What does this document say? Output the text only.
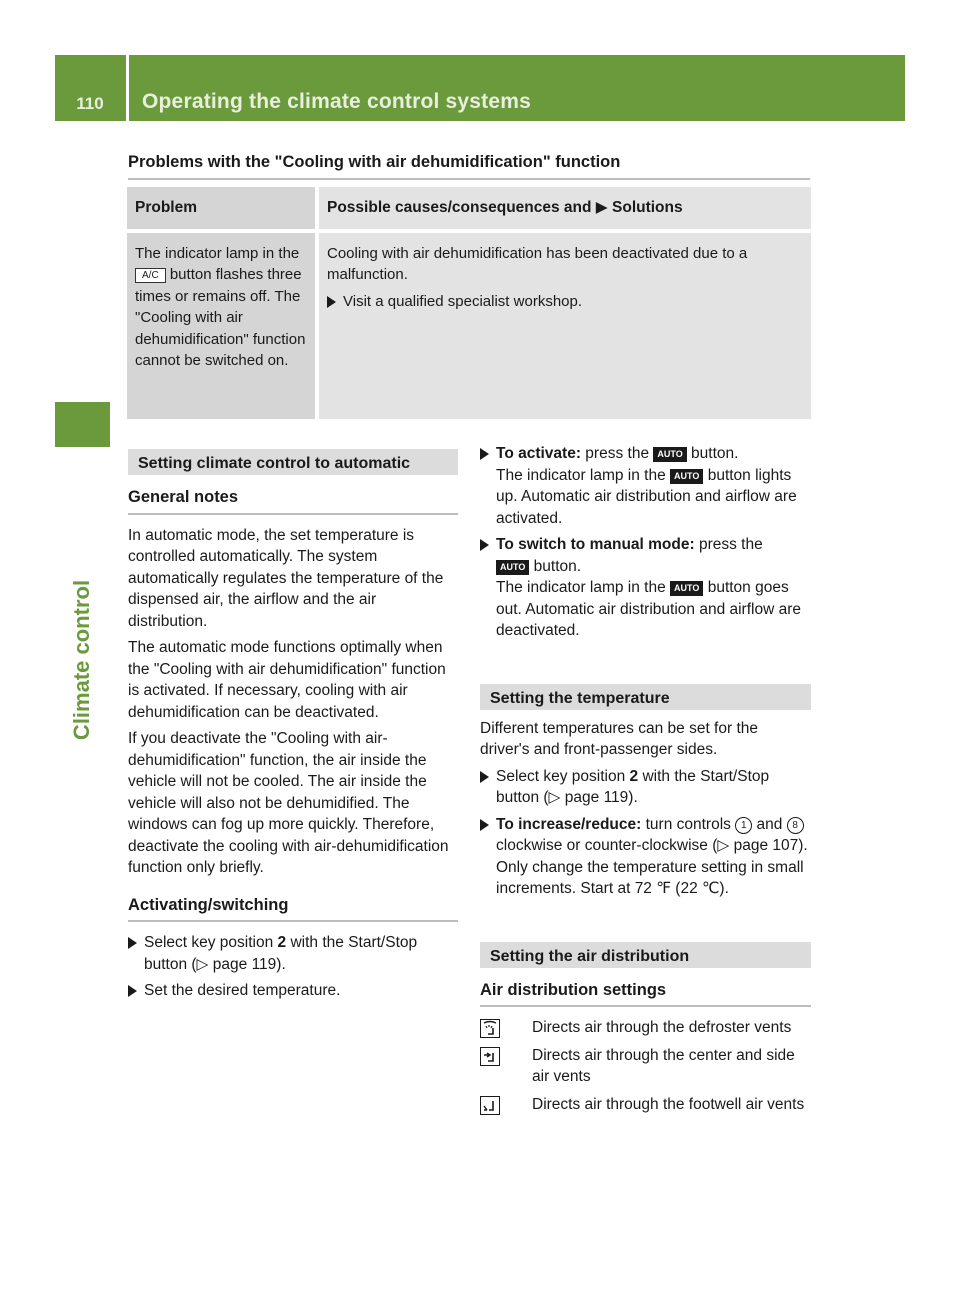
110	Operating the climate control systems
Climate control
Problems with the "Cooling with air dehumidification" function
Problem	Possible causes/consequences and ▶ Solutions
The indicator lamp in the A/C button flashes three times or remains off. The "Cooling with air dehumidification" function cannot be switched on.	Cooling with air dehumidification has been deactivated due to a malfunction.
Visit a qualified specialist workshop.
Setting climate control to automatic
General notes

In automatic mode, the set temperature is controlled automatically. The system automatically regulates the temperature of the dispensed air, the airflow and the air distribution.

The automatic mode functions optimally when the "Cooling with air dehumidification" function is activated. If necessary, cooling with air dehumidification can be deactivated.

If you deactivate the "Cooling with air-dehumidification" function, the air inside the vehicle will not be cooled. The air inside the vehicle will also not be dehumidified. The windows can fog up more quickly. Therefore, deactivate the cooling with air-dehumidification function only briefly.

Activating/switching
Select key position 2 with the Start/Stop button (▷ page 119).
Set the desired temperature.
To activate: press the AUTO button.
The indicator lamp in the AUTO button lights up. Automatic air distribution and airflow are activated.
To switch to manual mode: press the
AUTO button.
The indicator lamp in the AUTO button goes out. Automatic air distribution and airflow are deactivated.
Setting the temperature

Different temperatures can be set for the driver's and front-passenger sides.

Select key position 2 with the Start/Stop button (▷ page 119).
To increase/reduce: turn controls 1 and 8 clockwise or counter-clockwise (▷ page 107).
Only change the temperature setting in small increments. Start at 72 ℉ (22 ℃).
Setting the air distribution
Air distribution settings
Directs air through the defroster vents
Directs air through the center and side air vents
Directs air through the footwell air vents
